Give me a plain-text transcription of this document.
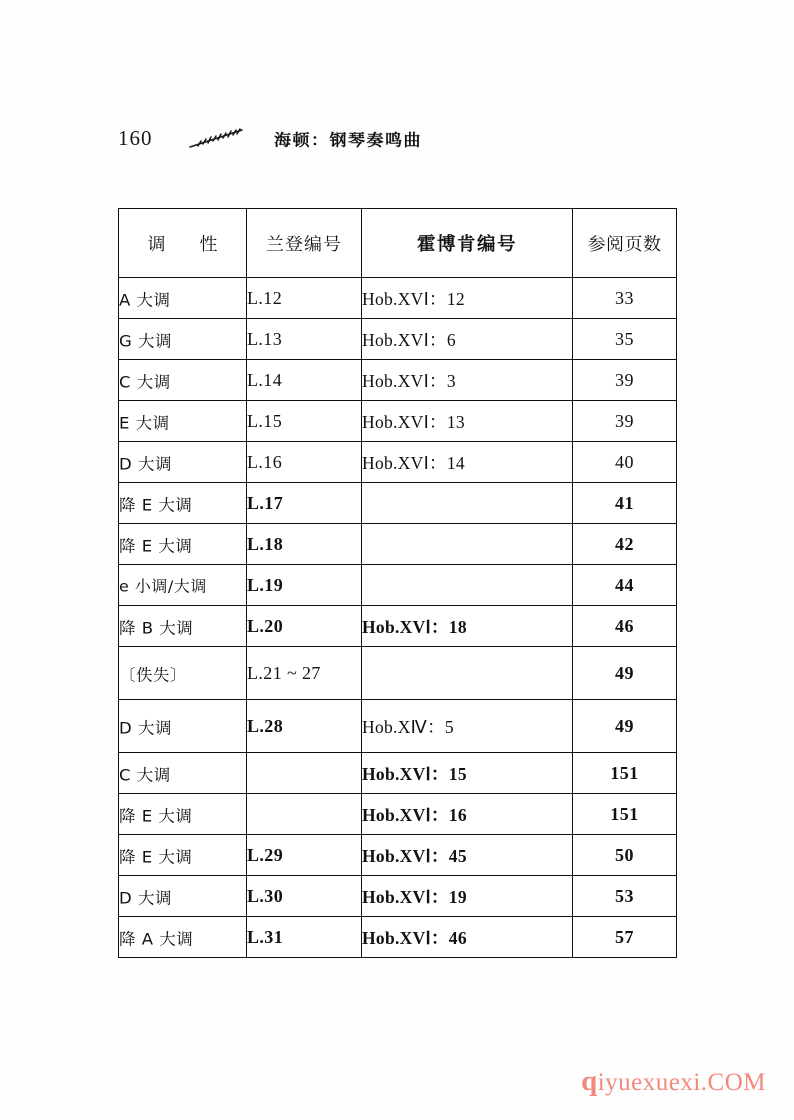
160	海顿：钢琴奏鸣曲
调 性	兰登编号	霍博肯编号	参阅页数

A 大调	L.12	Hob.XVⅠ：12	33
G 大调	L.13	Hob.XVⅠ：6	35
C 大调	L.14	Hob.XVⅠ：3	39
E 大调	L.15	Hob.XVⅠ：13	39
D 大调	L.16	Hob.XVⅠ：14	40
降 E 大调	L.17		41
降 E 大调	L.18		42
e 小调/大调	L.19		44
降 B 大调	L.20	Hob.XVⅠ：18	46
〔佚失〕	L.21 ~ 27		49
D 大调	L.28	Hob.XⅣ：5	49
C 大调		Hob.XVⅠ：15	151
降 E 大调		Hob.XVⅠ：16	151
降 E 大调	L.29	Hob.XVⅠ：45	50
D 大调	L.30	Hob.XVⅠ：19	53
降 A 大调	L.31	Hob.XVⅠ：46	57
qiyuexuexi.COM
